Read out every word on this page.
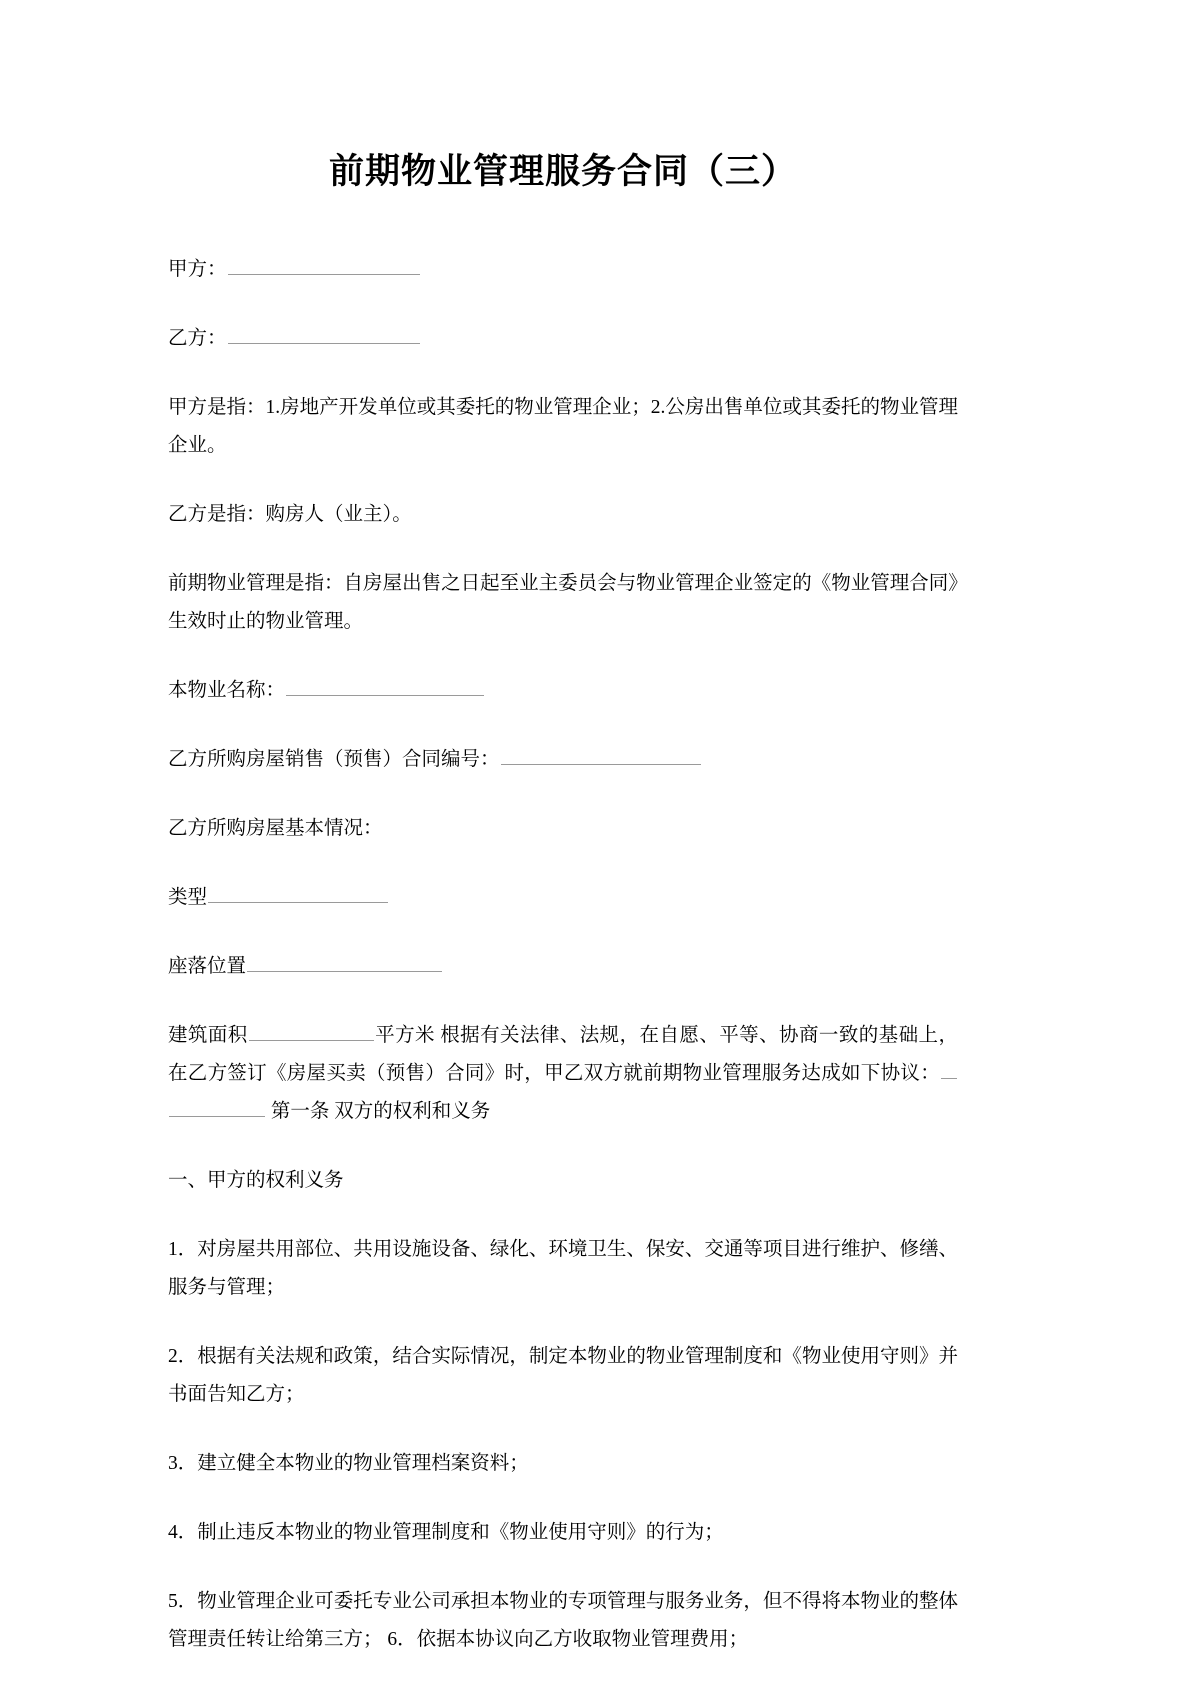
前期物业管理服务合同（三）

甲方：

乙方：

甲方是指：1.房地产开发单位或其委托的物业管理企业；2.公房出售单位或其委托的物业管理企业。

乙方是指：购房人（业主）。

前期物业管理是指：自房屋出售之日起至业主委员会与物业管理企业签定的《物业管理合同》生效时止的物业管理。

本物业名称：

乙方所购房屋销售（预售）合同编号：

乙方所购房屋基本情况：

类型

座落位置

建筑面积	平方米 根据有关法律、法规，在自愿、平等、协商一致的基础上，在乙方签订《房屋买卖（预售）合同》时，甲乙双方就前期物业管理服务达成如下协议： 第一条 双方的权利和义务

一、甲方的权利义务

1．对房屋共用部位、共用设施设备、绿化、环境卫生、保安、交通等项目进行维护、修缮、服务与管理；

2．根据有关法规和政策，结合实际情况，制定本物业的物业管理制度和《物业使用守则》并书面告知乙方；

3．建立健全本物业的物业管理档案资料；

4．制止违反本物业的物业管理制度和《物业使用守则》的行为；

5．物业管理企业可委托专业公司承担本物业的专项管理与服务业务，但不得将本物业的整体管理责任转让给第三方； 6．依据本协议向乙方收取物业管理费用；
